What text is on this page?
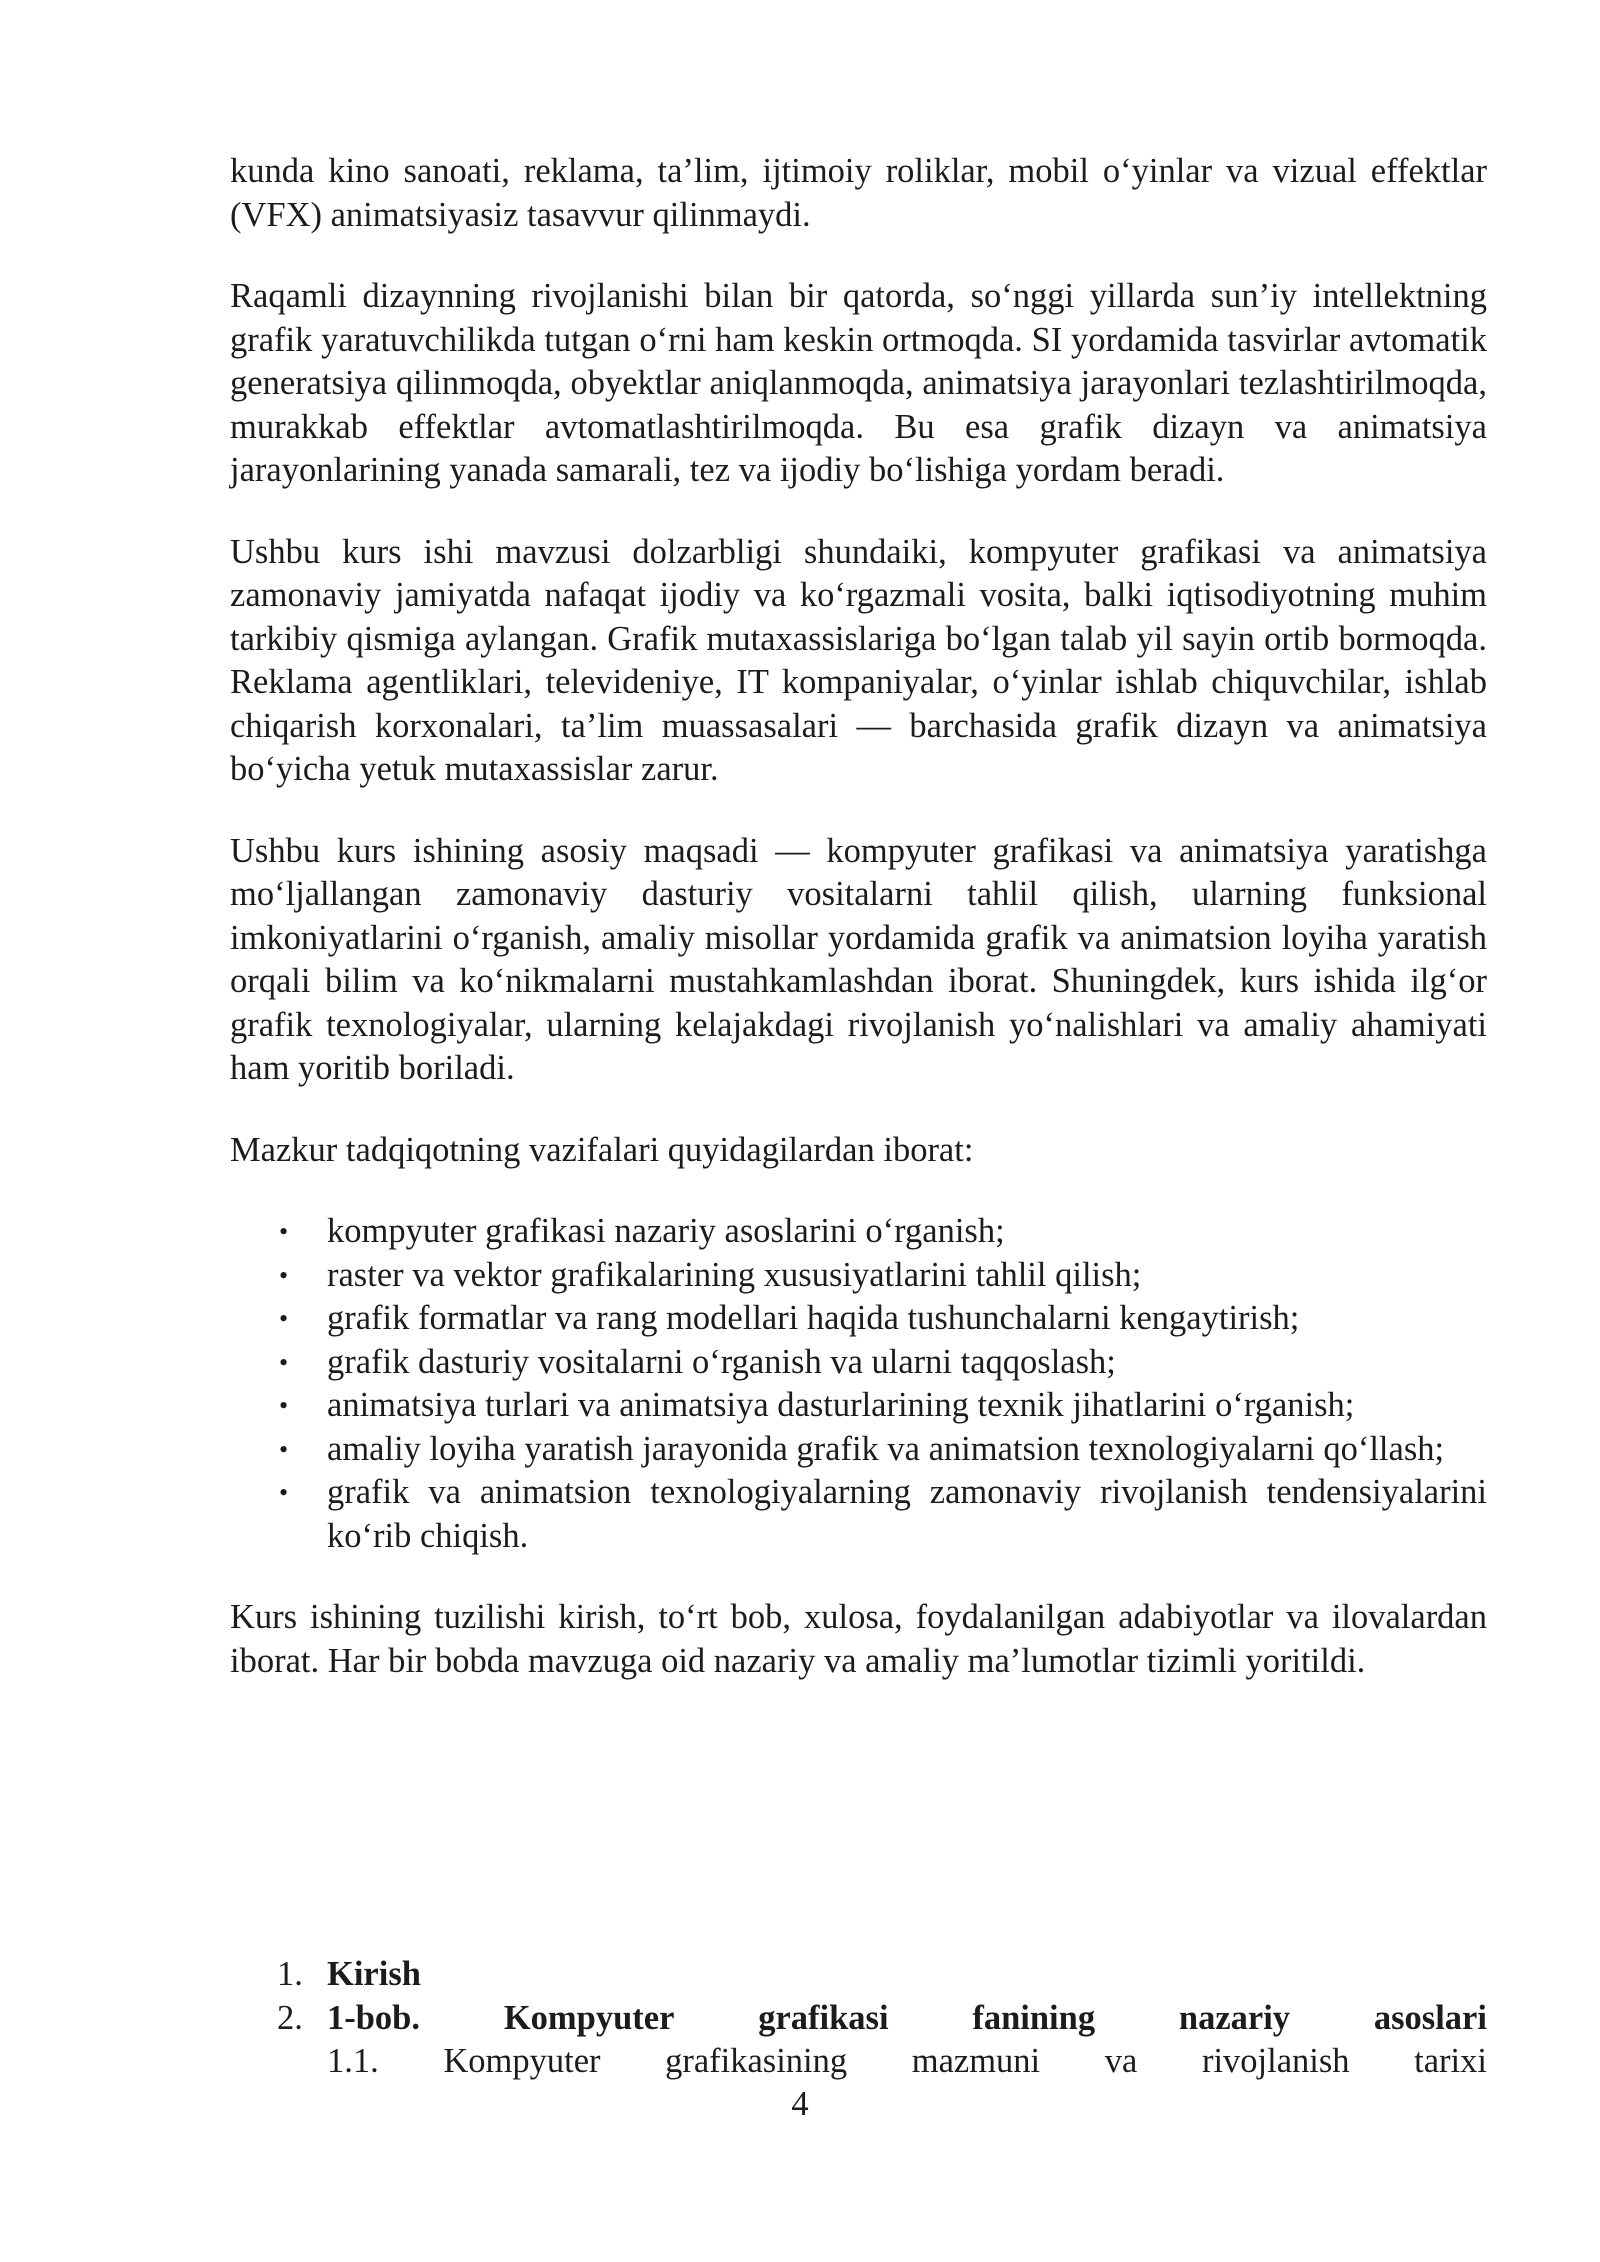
kunda kino sanoati, reklama, ta’lim, ijtimoiy roliklar, mobil o‘yinlar va vizual effektlar (VFX) animatsiyasiz tasavvur qilinmaydi.

Raqamli dizaynning rivojlanishi bilan bir qatorda, so‘nggi yillarda sun’iy intellektning grafik yaratuvchilikda tutgan o‘rni ham keskin ortmoqda. SI yordamida tasvirlar avtomatik generatsiya qilinmoqda, obyektlar aniqlanmoqda, animatsiya jarayonlari tezlashtirilmoqda, murakkab effektlar avtomatlashtirilmoqda. Bu esa grafik dizayn va animatsiya jarayonlarining yanada samarali, tez va ijodiy bo‘lishiga yordam beradi.

Ushbu kurs ishi mavzusi dolzarbligi shundaiki, kompyuter grafikasi va animatsiya zamonaviy jamiyatda nafaqat ijodiy va ko‘rgazmali vosita, balki iqtisodiyotning muhim tarkibiy qismiga aylangan. Grafik mutaxassislariga bo‘lgan talab yil sayin ortib bormoqda. Reklama agentliklari, televideniye, IT kompaniyalar, o‘yinlar ishlab chiquvchilar, ishlab chiqarish korxonalari, ta’lim muassasalari — barchasida grafik dizayn va animatsiya bo‘yicha yetuk mutaxassislar zarur.

Ushbu kurs ishining asosiy maqsadi — kompyuter grafikasi va animatsiya yaratishga mo‘ljallangan zamonaviy dasturiy vositalarni tahlil qilish, ularning funksional imkoniyatlarini o‘rganish, amaliy misollar yordamida grafik va animatsion loyiha yaratish orqali bilim va ko‘nikmalarni mustahkamlashdan iborat. Shuningdek, kurs ishida ilg‘or grafik texnologiyalar, ularning kelajakdagi rivojlanish yo‘nalishlari va amaliy ahamiyati ham yoritib boriladi.

Mazkur tadqiqotning vazifalari quyidagilardan iborat:

• kompyuter grafikasi nazariy asoslarini o‘rganish;
• raster va vektor grafikalarining xususiyatlarini tahlil qilish;
• grafik formatlar va rang modellari haqida tushunchalarni kengaytirish;
• grafik dasturiy vositalarni o‘rganish va ularni taqqoslash;
• animatsiya turlari va animatsiya dasturlarining texnik jihatlarini o‘rganish;
• amaliy loyiha yaratish jarayonida grafik va animatsion texnologiyalarni qo‘llash;
• grafik va animatsion texnologiyalarning zamonaviy rivojlanish tendensiyalarini ko‘rib chiqish.

Kurs ishining tuzilishi kirish, to‘rt bob, xulosa, foydalanilgan adabiyotlar va ilovalardan iborat. Har bir bobda mavzuga oid nazariy va amaliy ma’lumotlar tizimli yoritildi.

1. Kirish
2. 1-bob. Kompyuter grafikasi fanining nazariy asoslari
1.1. Kompyuter grafikasining mazmuni va rivojlanish tarixi
4
